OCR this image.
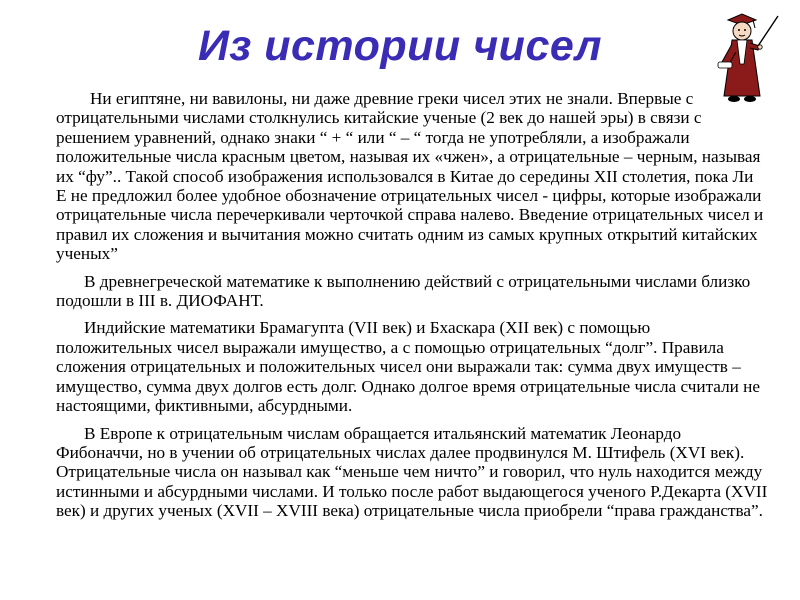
Из истории чисел

Ни египтяне, ни вавилоны, ни даже древние греки чисел этих не знали. Впервые с отрицательными числами столкнулись китайские ученые (2 век до нашей эры) в связи с решением уравнений, однако знаки “ + “ или “ – “ тогда не употребляли, а изображали положительные числа красным цветом, называя их «чжен», а отрицательные – черным, называя их “фу”.. Такой способ изображения использовался в Китае до середины XII столетия, пока Ли Е не предложил более удобное обозначение отрицательных чисел - цифры, которые изображали отрицательные числа перечеркивали черточкой справа налево. Введение отрицательных чисел и правил их сложения и вычитания можно считать одним из самых крупных открытий китайских ученых”

В древнегреческой математике к выполнению действий с отрицательными числами близко подошли в III в. ДИОФАНТ.

Индийские математики Брамагупта (VII век) и Бхаскара (XII век) с помощью положительных чисел выражали имущество, а с помощью отрицательных “долг”. Правила сложения отрицательных и положительных чисел они выражали так: сумма двух имуществ – имущество, сумма двух долгов есть долг. Однако долгое время отрицательные числа считали не настоящими, фиктивными, абсурдными.

В Европе к отрицательным числам обращается итальянский математик Леонардо Фибоначчи, но в учении об отрицательных числах далее продвинулся М. Штифель (XVI век). Отрицательные числа он называл как “меньше чем ничто” и говорил, что нуль находится между истинными и абсурдными числами. И только после работ выдающегося ученого Р.Декарта (XVII век) и других ученых (XVII – XVIII века) отрицательные числа приобрели “права гражданства”.
